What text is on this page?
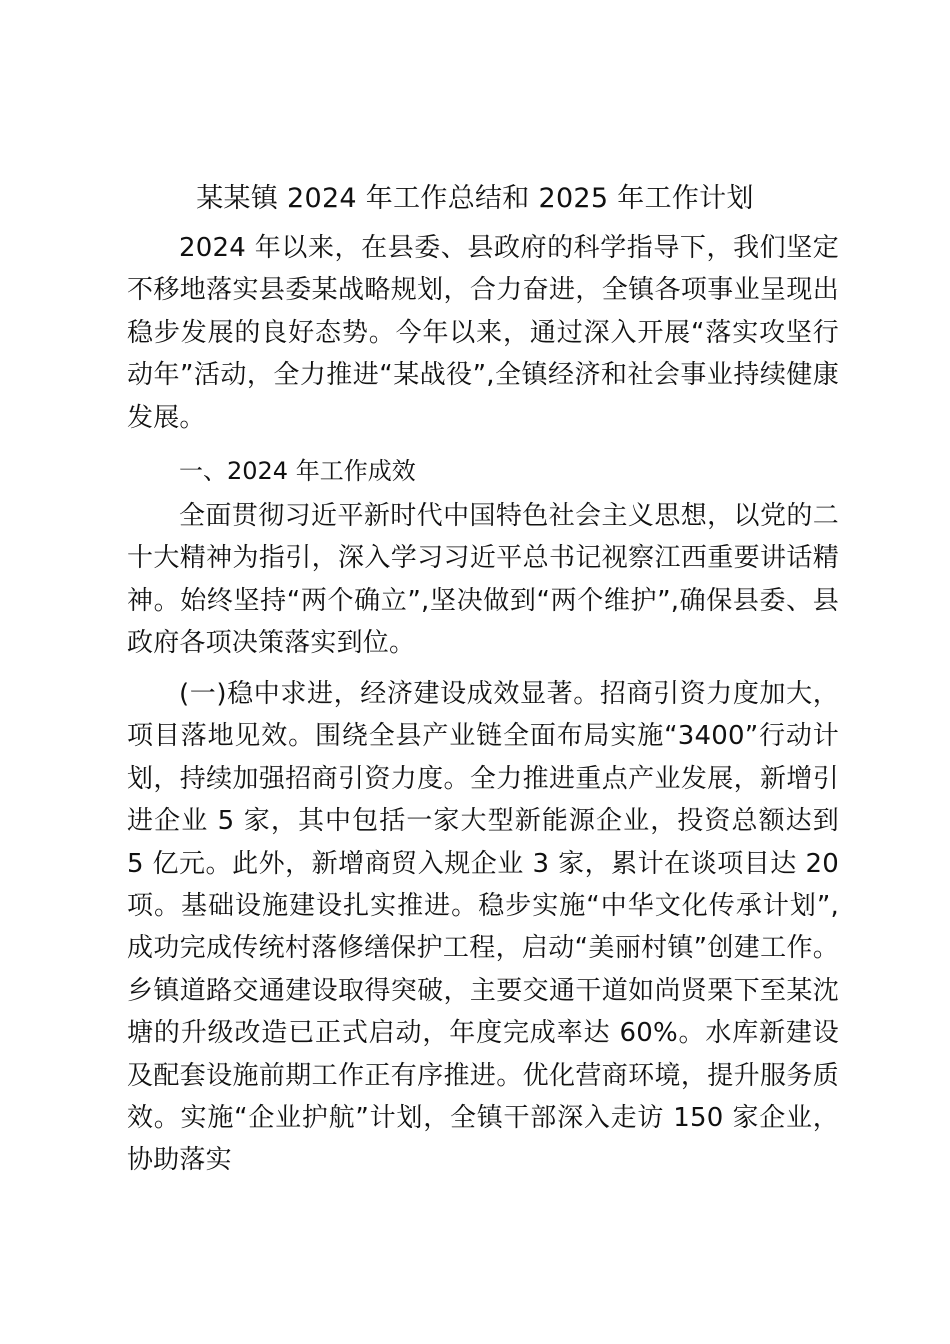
某某镇 2024 年工作总结和 2025 年工作计划

2024 年以来，在县委、县政府的科学指导下，我们坚定不移地落实县委某战略规划，合力奋进，全镇各项事业呈现出稳步发展的良好态势。今年以来，通过深入开展“落实攻坚行动年”活动，全力推进“某战役”,全镇经济和社会事业持续健康发展。

一、2024 年工作成效

全面贯彻习近平新时代中国特色社会主义思想，以党的二十大精神为指引，深入学习习近平总书记视察江西重要讲话精神。始终坚持“两个确立”,坚决做到“两个维护”,确保县委、县政府各项决策落实到位。

(一)稳中求进，经济建设成效显著。招商引资力度加大，项目落地见效。围绕全县产业链全面布局实施“3400”行动计划，持续加强招商引资力度。全力推进重点产业发展，新增引进企业 5 家，其中包括一家大型新能源企业，投资总额达到 5 亿元。此外，新增商贸入规企业 3 家，累计在谈项目达 20 项。基础设施建设扎实推进。稳步实施“中华文化传承计划”,成功完成传统村落修缮保护工程，启动“美丽村镇”创建工作。乡镇道路交通建设取得突破，主要交通干道如尚贤栗下至某沈塘的升级改造已正式启动，年度完成率达 60%。水库新建设及配套设施前期工作正有序推进。优化营商环境，提升服务质效。实施“企业护航”计划，全镇干部深入走访 150 家企业，协助落实
